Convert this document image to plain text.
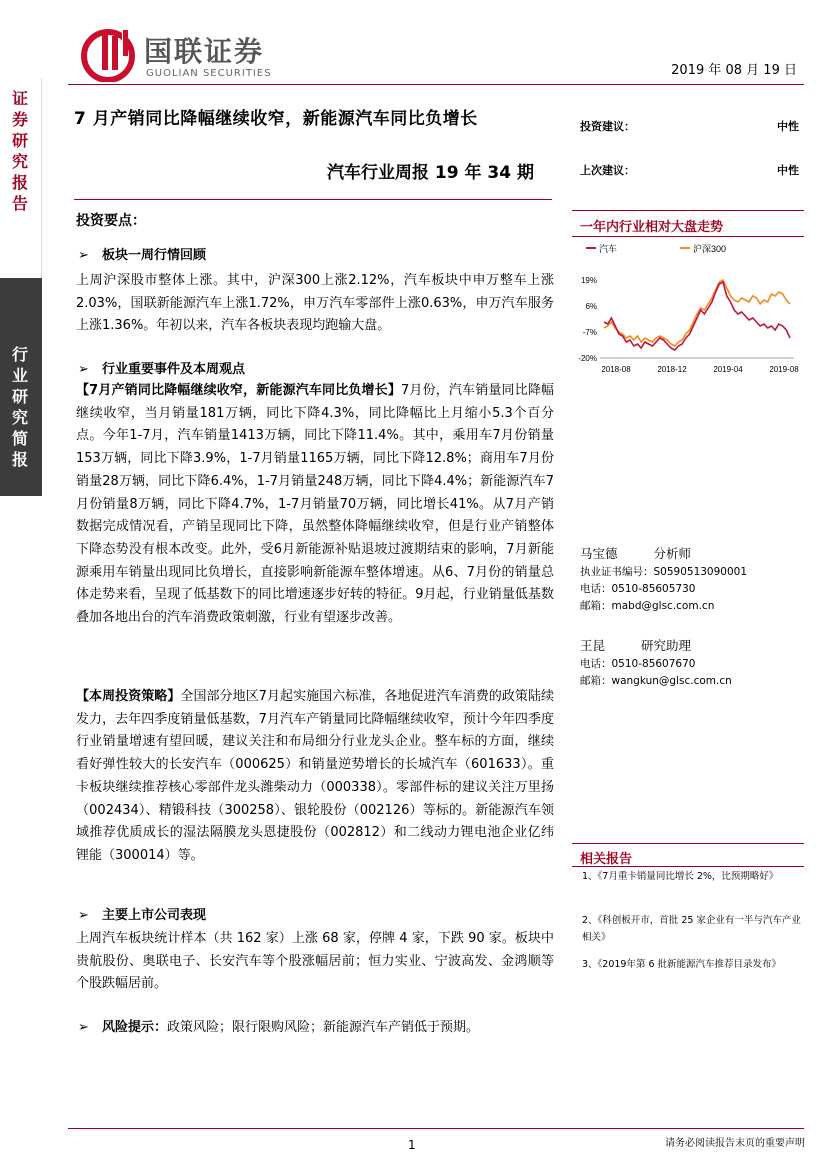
国联证券
GUOLIAN SECURITIES	2019 年 08 月 19 日
证券研究报告
行业研究简报
7 月产销同比降幅继续收窄，新能源汽车同比负增长
汽车行业周报 19 年 34 期
投资建议：	中性
上次建议：	中性
一年内行业相对大盘走势
汽车	沪深300
19%
6%
-7%
-20%
2018-08	2018-12	2019-04	2019-08
投资要点：
➢ 板块一周行情回顾
上周沪深股市整体上涨。其中，沪深300上涨2.12%，汽车板块中申万整车上涨2.03%，国联新能源汽车上涨1.72%，申万汽车零部件上涨0.63%，申万汽车服务上涨1.36%。年初以来，汽车各板块表现均跑输大盘。
➢ 行业重要事件及本周观点
【7月产销同比降幅继续收窄，新能源汽车同比负增长】7月份，汽车销量同比降幅继续收窄，当月销量181万辆，同比下降4.3%，同比降幅比上月缩小5.3个百分点。今年1-7月，汽车销量1413万辆，同比下降11.4%。其中，乘用车7月份销量153万辆，同比下降3.9%，1-7月销量1165万辆，同比下降12.8%；商用车7月份销量28万辆，同比下降6.4%，1-7月销量248万辆，同比下降4.4%；新能源汽车7月份销量8万辆，同比下降4.7%，1-7月销量70万辆，同比增长41%。从7月产销数据完成情况看，产销呈现同比下降，虽然整体降幅继续收窄，但是行业产销整体下降态势没有根本改变。此外，受6月新能源补贴退坡过渡期结束的影响，7月新能源乘用车销量出现同比负增长，直接影响新能源车整体增速。从6、7月份的销量总体走势来看，呈现了低基数下的同比增速逐步好转的特征。9月起，行业销量低基数叠加各地出台的汽车消费政策刺激，行业有望逐步改善。
【本周投资策略】全国部分地区7月起实施国六标准，各地促进汽车消费的政策陆续发力，去年四季度销量低基数，7月汽车产销量同比降幅继续收窄，预计今年四季度行业销量增速有望回暖，建议关注和布局细分行业龙头企业。整车标的方面，继续看好弹性较大的长安汽车（000625）和销量逆势增长的长城汽车（601633）。重卡板块继续推荐核心零部件龙头潍柴动力（000338）。零部件标的建议关注万里扬（002434）、精锻科技（300258）、银轮股份（002126）等标的。新能源汽车领域推荐优质成长的湿法隔膜龙头恩捷股份（002812）和二线动力锂电池企业亿纬锂能（300014）等。
➢ 主要上市公司表现
上周汽车板块统计样本（共 162 家）上涨 68 家，停牌 4 家，下跌 90 家。板块中贵航股份、奥联电子、长安汽车等个股涨幅居前；恒力实业、宁波高发、金鸿顺等个股跌幅居前。
➢ 风险提示：政策风险；限行限购风险；新能源汽车产销低于预期。
马宝德	分析师
执业证书编号：S0590513090001
电话：0510-85605730
邮箱：mabd@glsc.com.cn
王昆	研究助理
电话：0510-85607670
邮箱：wangkun@glsc.com.cn
相关报告
1、《7月重卡销量同比增长 2%，比预期略好》
2、《科创板开市，首批 25 家企业有一半与汽车产业相关》
3、《2019年第 6 批新能源汽车推荐目录发布》
1	请务必阅读报告末页的重要声明
